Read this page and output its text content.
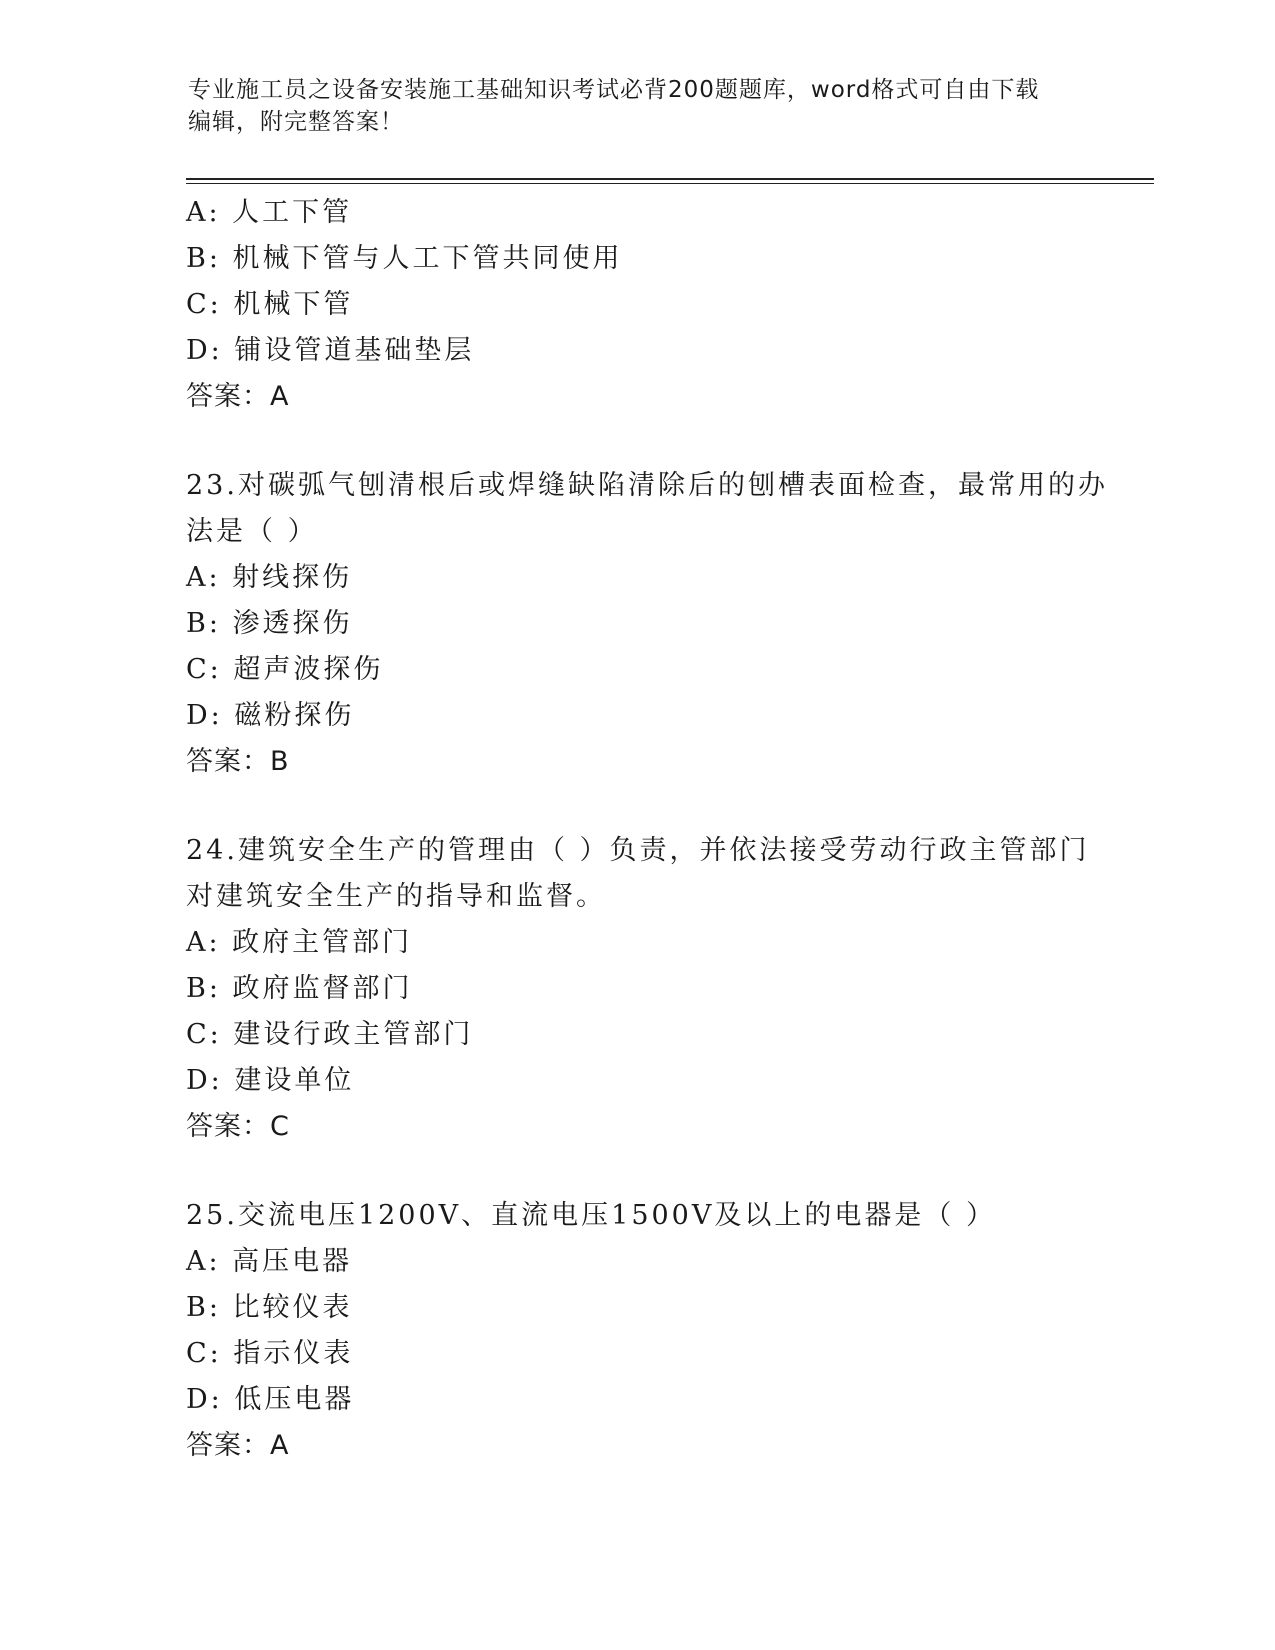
专业施工员之设备安装施工基础知识考试必背200题题库，word格式可自由下载
编辑，附完整答案！
A: 人工下管
B: 机械下管与人工下管共同使用
C: 机械下管
D: 铺设管道基础垫层
答案：A
23.对碳弧气刨清根后或焊缝缺陷清除后的刨槽表面检查，最常用的办
法是（ ）
A: 射线探伤
B: 渗透探伤
C: 超声波探伤
D: 磁粉探伤
答案：B
24.建筑安全生产的管理由（ ）负责，并依法接受劳动行政主管部门
对建筑安全生产的指导和监督。
A: 政府主管部门
B: 政府监督部门
C: 建设行政主管部门
D: 建设单位
答案：C
25.交流电压1200V、直流电压1500V及以上的电器是（ ）
A: 高压电器
B: 比较仪表
C: 指示仪表
D: 低压电器
答案：A
